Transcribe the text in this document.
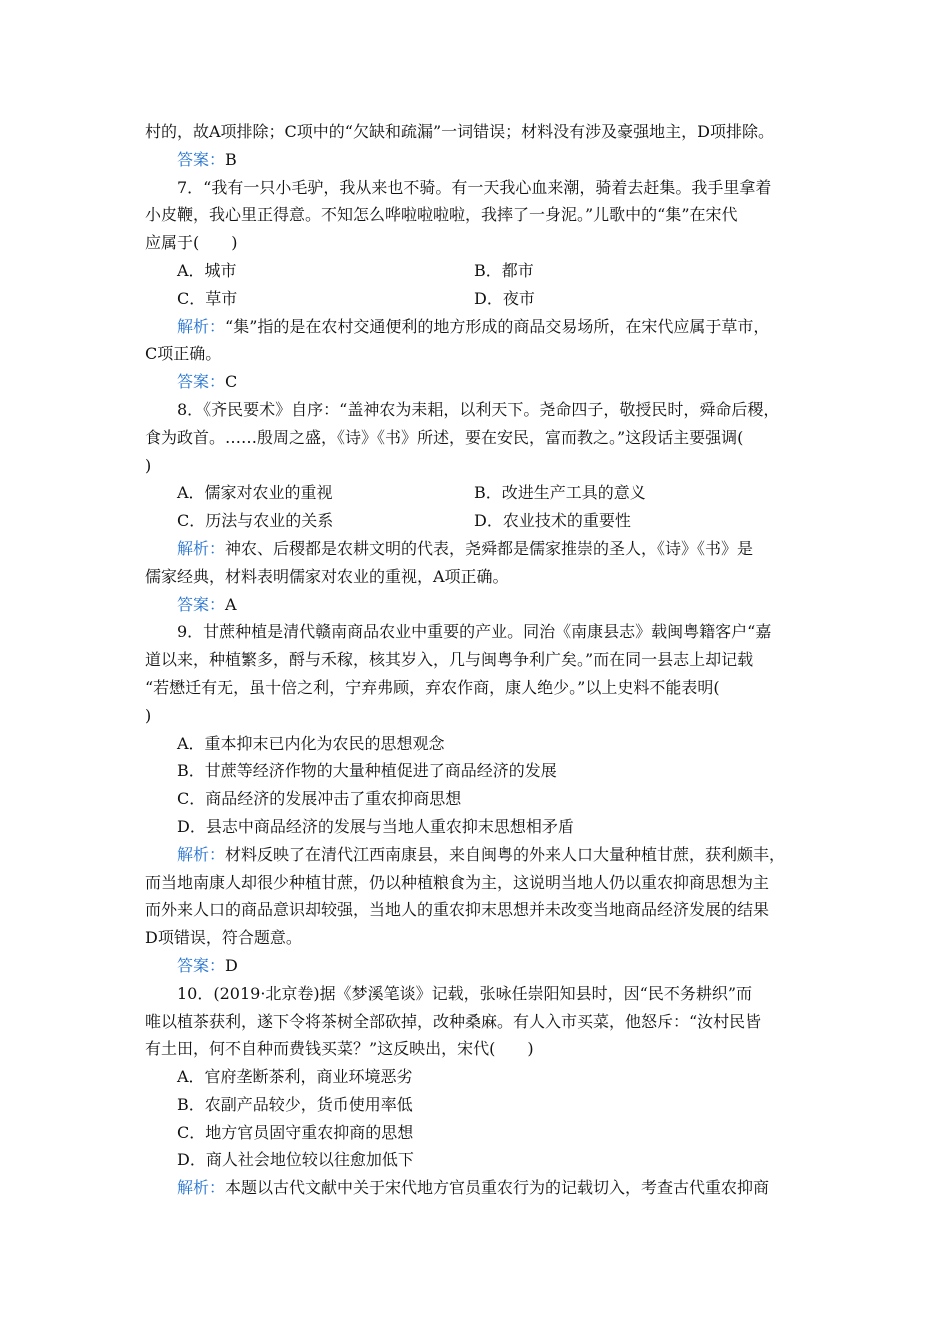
村的，故A项排除；C项中的“欠缺和疏漏”一词错误；材料没有涉及豪强地主，D项排除。
答案：B
7．“我有一只小毛驴，我从来也不骑。有一天我心血来潮，骑着去赶集。我手里拿着
小皮鞭，我心里正得意。不知怎么哗啦啦啦啦，我摔了一身泥。”儿歌中的“集”在宋代
应属于(　　)
A．城市	B．都市
C．草市	D．夜市
解析：“集”指的是在农村交通便利的地方形成的商品交易场所，在宋代应属于草市，
C项正确。
答案：C
8．《齐民要术》自序：“盖神农为耒耜，以利天下。尧命四子，敬授民时，舜命后稷，
食为政首。……殷周之盛，《诗》《书》所述，要在安民，富而教之。”这段话主要强调(
)
A．儒家对农业的重视	B．改进生产工具的意义
C．历法与农业的关系	D．农业技术的重要性
解析：神农、后稷都是农耕文明的代表，尧舜都是儒家推崇的圣人，《诗》《书》是
儒家经典，材料表明儒家对农业的重视，A项正确。
答案：A
9．甘蔗种植是清代赣南商品农业中重要的产业。同治《南康县志》载闽粤籍客户“嘉
道以来，种植繁多，酹与禾稼，核其岁入，几与闽粤争利广矣。”而在同一县志上却记载
“若懋迁有无，虽十倍之利，宁弃弗顾，弃农作商，康人绝少。”以上史料不能表明(
)
A．重本抑末已内化为农民的思想观念
B．甘蔗等经济作物的大量种植促进了商品经济的发展
C．商品经济的发展冲击了重农抑商思想
D．县志中商品经济的发展与当地人重农抑末思想相矛盾
解析：材料反映了在清代江西南康县，来自闽粤的外来人口大量种植甘蔗，获利颇丰，
而当地南康人却很少种植甘蔗，仍以种植粮食为主，这说明当地人仍以重农抑商思想为主
而外来人口的商品意识却较强，当地人的重农抑末思想并未改变当地商品经济发展的结果
D项错误，符合题意。
答案：D
10．(2019·北京卷)据《梦溪笔谈》记载，张咏任崇阳知县时，因“民不务耕织”而
唯以植茶获利，遂下令将茶树全部砍掉，改种桑麻。有人入市买菜，他怒斥：“汝村民皆
有土田，何不自种而费钱买菜？”这反映出，宋代(　　)
A．官府垄断茶利，商业环境恶劣
B．农副产品较少，货币使用率低
C．地方官员固守重农抑商的思想
D．商人社会地位较以往愈加低下
解析：本题以古代文献中关于宋代地方官员重农行为的记载切入，考查古代重农抑商
